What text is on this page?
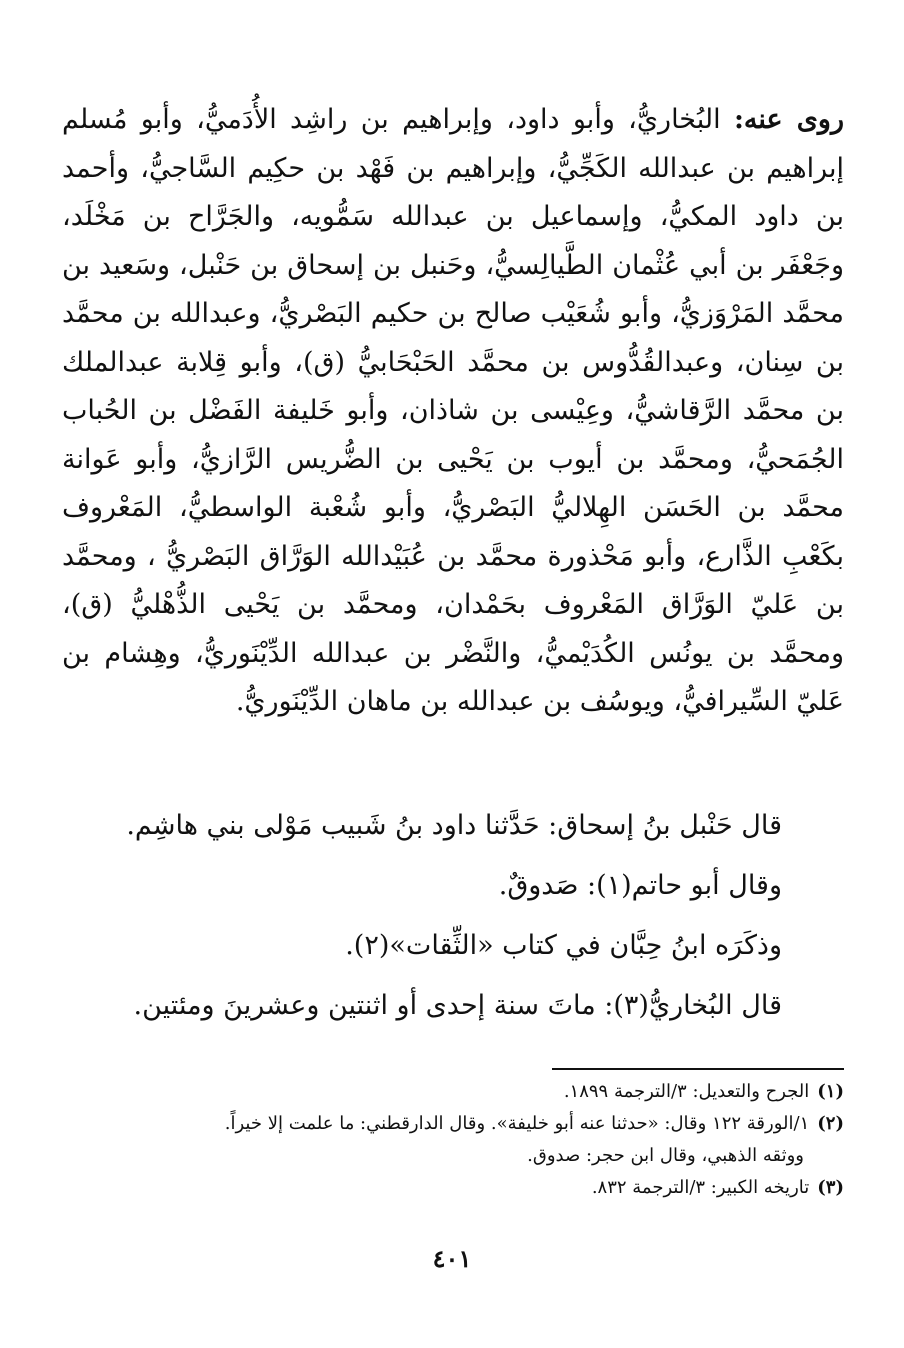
روى عنه: البُخاريُّ، وأبو داود، وإبراهيم بن راشِد الأُدَميُّ، وأبو مُسلم إبراهيم بن عبدالله الكَجِّيُّ، وإبراهيم بن فَهْد بن حكِيم السَّاجيُّ، وأحمد بن داود المكيُّ، وإسماعيل بن عبدالله سَمُّويه، والجَرَّاح بن مَخْلَد، وجَعْفَر بن أبي عُثْمان الطَّيالِسيُّ، وحَنبل بن إسحاق بن حَنْبل، وسَعيد بن محمَّد المَرْوَزيُّ، وأبو شُعَيْب صالح بن حكيم البَصْريُّ، وعبدالله بن محمَّد بن سِنان، وعبدالقُدُّوس بن محمَّد الحَبْحَابيُّ (ق)، وأبو قِلابة عبدالملك بن محمَّد الرَّقاشيُّ، وعِيْسى بن شاذان، وأبو خَليفة الفَضْل بن الحُباب الجُمَحيُّ، ومحمَّد بن أيوب بن يَحْيى بن الضُّريس الرَّازيُّ، وأبو عَوانة محمَّد بن الحَسَن الهِلاليُّ البَصْريُّ، وأبو شُعْبة الواسطيُّ، المَعْروف بكَعْبِ الذَّارع، وأبو مَحْذورة محمَّد بن عُبَيْدالله الوَرَّاق البَصْريُّ ، ومحمَّد بن عَليّ الوَرَّاق المَعْروف بحَمْدان، ومحمَّد بن يَحْيى الذُّهْليُّ (ق)، ومحمَّد بن يونُس الكُدَيْميُّ، والنَّضْر بن عبدالله الدِّيْنَوريُّ، وهِشام بن عَليّ السِّيرافيُّ، ويوسُف بن عبدالله بن ماهان الدِّيْنَوريُّ.

قال حَنْبل بنُ إسحاق: حَدَّثنا داود بنُ شَبيب مَوْلى بني هاشِم.
وقال أبو حاتم(١): صَدوقٌ.
وذكَرَه ابنُ حِبَّان في كتاب «الثِّقات»(٢).
قال البُخاريُّ(٣): ماتَ سنة إحدى أو اثنتين وعشرينَ ومئتين.
(١)الجرح والتعديل: ٣/الترجمة ١٨٩٩.
(٢)١/الورقة ١٢٢ وقال: «حدثنا عنه أبو خليفة». وقال الدارقطني: ما علمت إلا خيراً.
ووثقه الذهبي، وقال ابن حجر: صدوق.
(٣)تاريخه الكبير: ٣/الترجمة ٨٣٢.
٤٠١
